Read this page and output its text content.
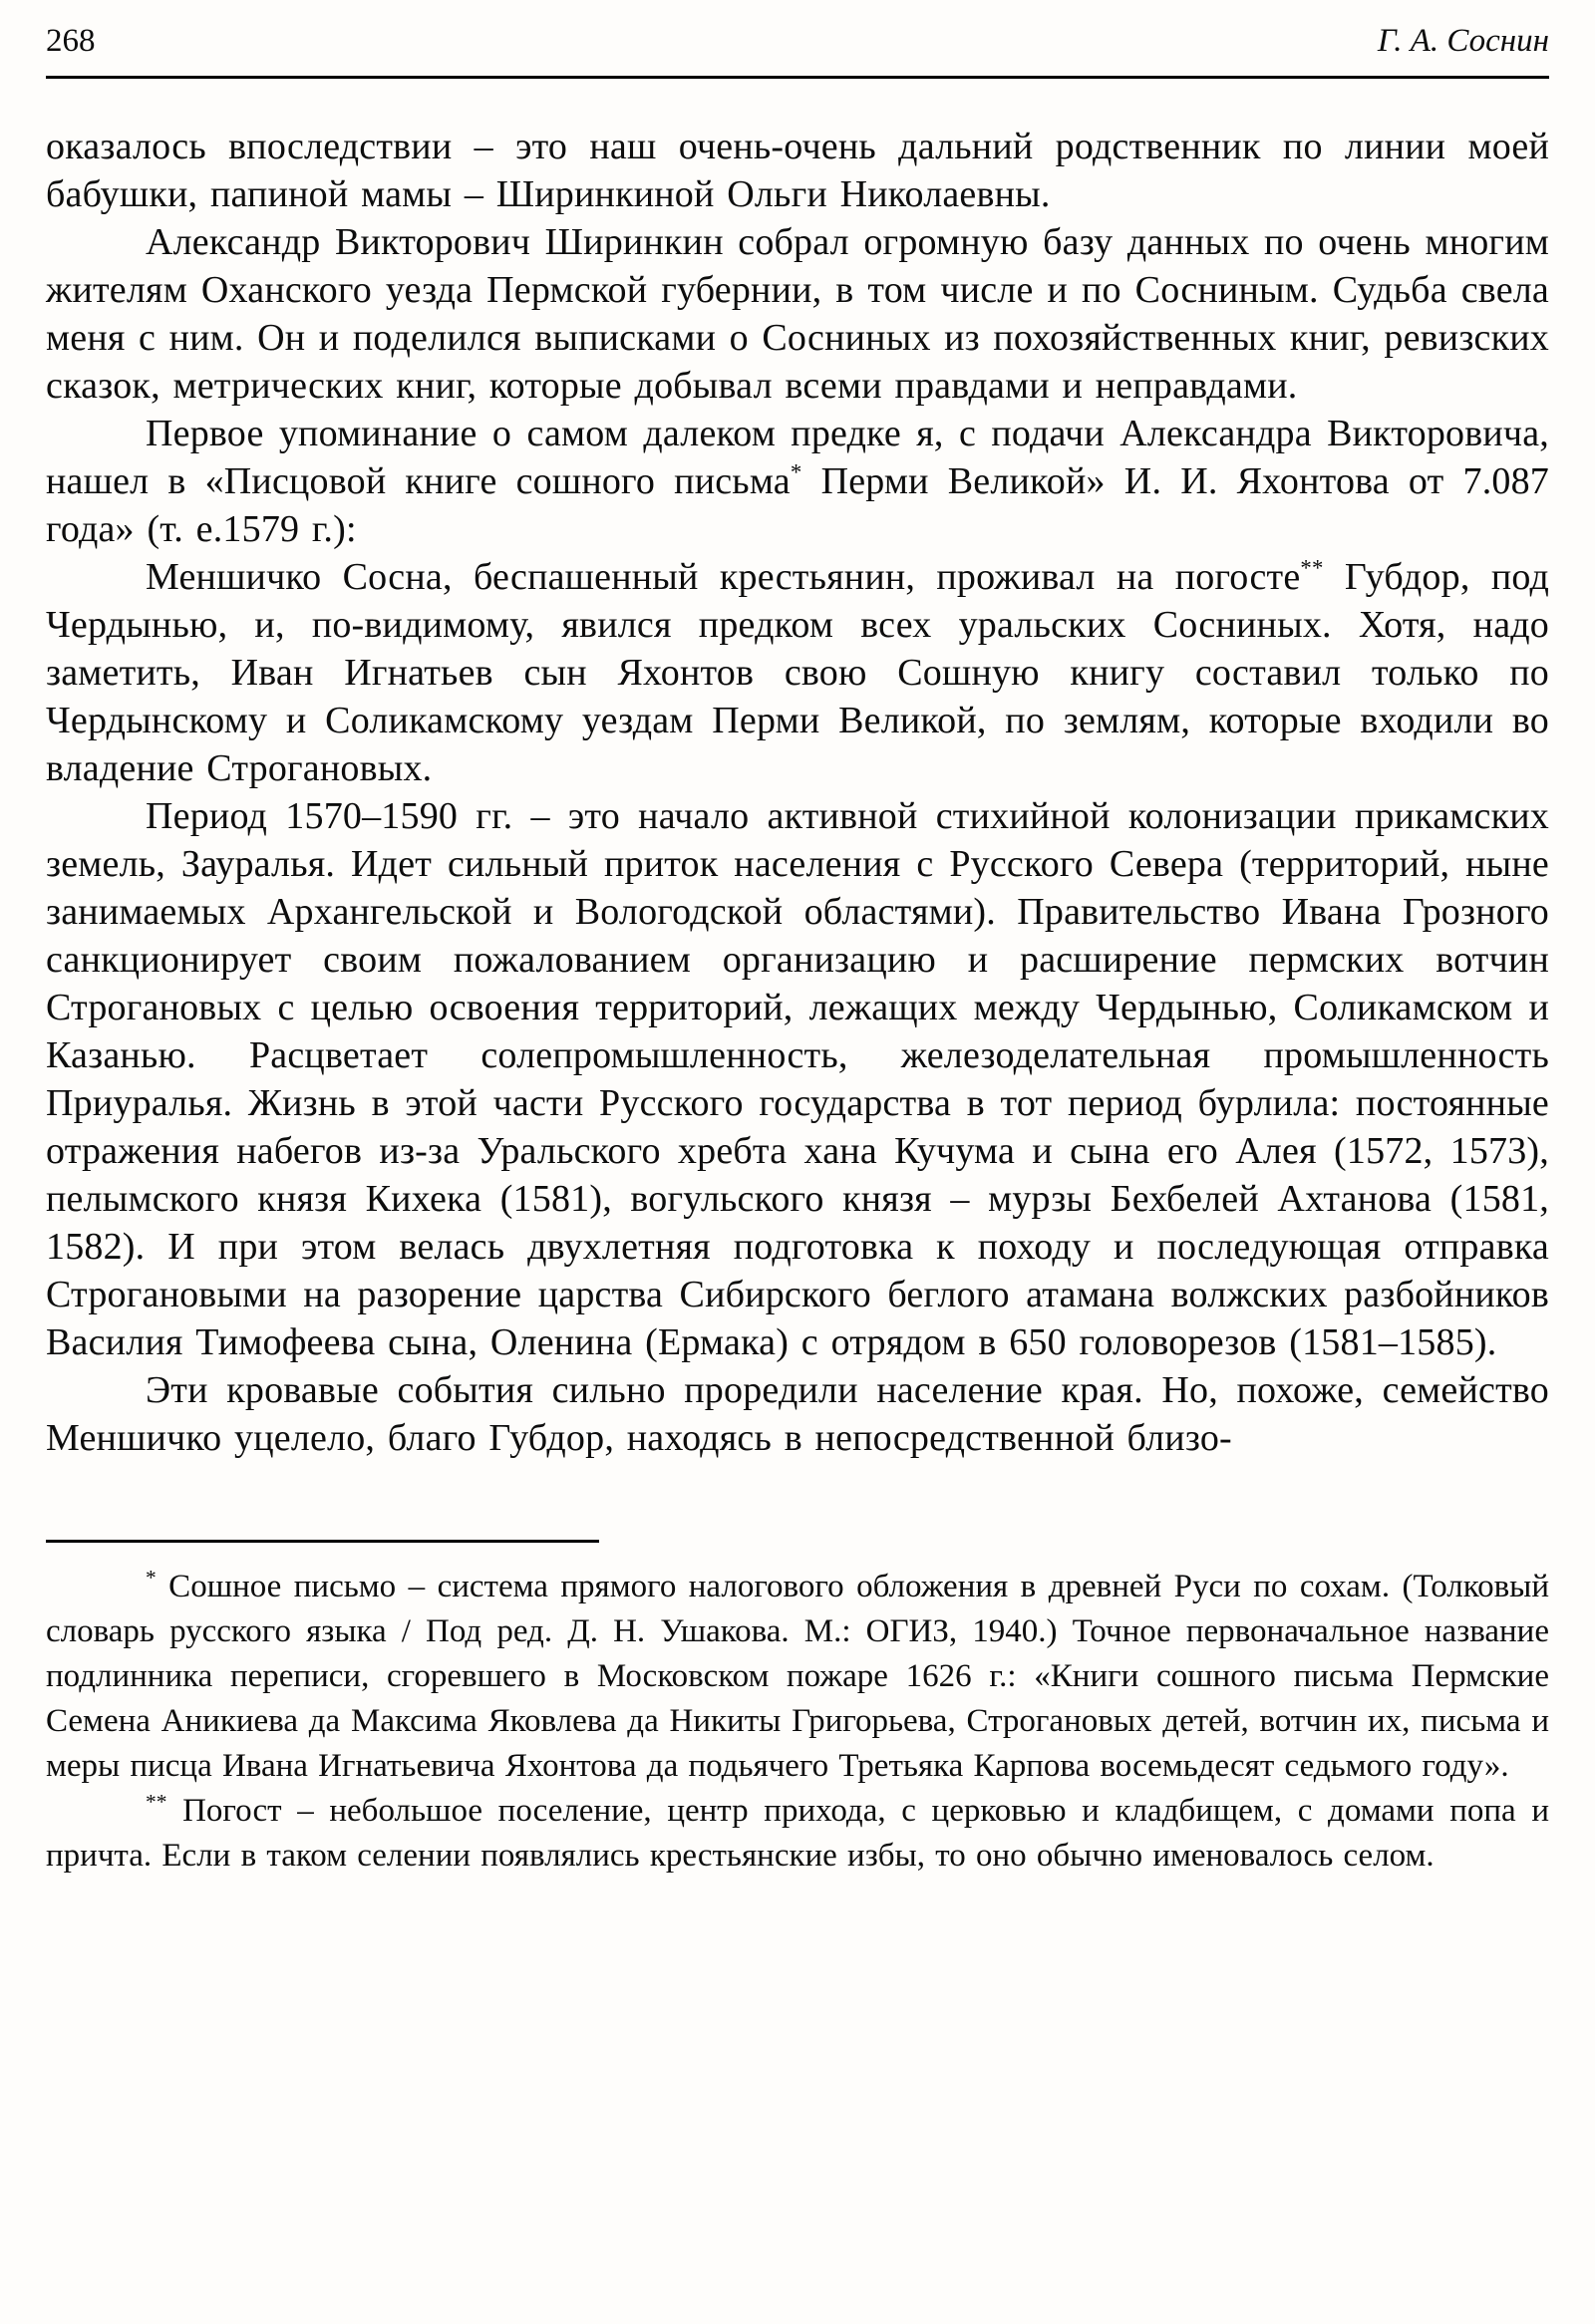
268	Г. А. Соснин

оказалось впоследствии – это наш очень-очень дальний родственник по линии моей бабушки, папиной мамы – Ширинкиной Ольги Николаевны.

Александр Викторович Ширинкин собрал огромную базу данных по очень многим жителям Оханского уезда Пермской губернии, в том числе и по Сосниным. Судьба свела меня с ним. Он и поделился выписками о Сосниных из похозяйственных книг, ревизских сказок, метрических книг, которые добывал всеми правдами и неправдами.

Первое упоминание о самом далеком предке я, с подачи Александра Викторовича, нашел в «Писцовой книге сошного письма* Перми Великой» И. И. Яхонтова от 7.087 года» (т. е.1579 г.):

Меншичко Сосна, беспашенный крестьянин, проживал на погосте** Губдор, под Чердынью, и, по-видимому, явился предком всех уральских Сосниных. Хотя, надо заметить, Иван Игнатьев сын Яхонтов свою Сошную книгу составил только по Чердынскому и Соликамскому уездам Перми Великой, по землям, которые входили во владение Строгановых.

Период 1570–1590 гг. – это начало активной стихийной колонизации прикамских земель, Зауралья. Идет сильный приток населения с Русского Севера (территорий, ныне занимаемых Архангельской и Вологодской областями). Правительство Ивана Грозного санкционирует своим пожалованием организацию и расширение пермских вотчин Строгановых с целью освоения территорий, лежащих между Чердынью, Соликамском и Казанью. Расцветает солепромышленность, железоделательная промышленность Приуралья. Жизнь в этой части Русского государства в тот период бурлила: постоянные отражения набегов из-за Уральского хребта хана Кучума и сына его Алея (1572, 1573), пелымского князя Кихека (1581), вогульского князя – мурзы Бехбелей Ахтанова (1581, 1582). И при этом велась двухлетняя подготовка к походу и последующая отправка Строгановыми на разорение царства Сибирского беглого атамана волжских разбойников Василия Тимофеева сына, Оленина (Ермака) с отрядом в 650 головорезов (1581–1585).

Эти кровавые события сильно проредили население края. Но, похоже, семейство Меншичко уцелело, благо Губдор, находясь в непосредственной близо-

* Сошное письмо – система прямого налогового обложения в древней Руси по сохам. (Толковый словарь русского языка / Под ред. Д. Н. Ушакова. М.: ОГИЗ, 1940.) Точное первоначальное название подлинника переписи, сгоревшего в Московском пожаре 1626 г.: «Книги сошного письма Пермские Семена Аникиева да Максима Яковлева да Никиты Григорьева, Строгановых детей, вотчин их, письма и меры писца Ивана Игнатьевича Яхонтова да подьячего Третьяка Карпова восемьдесят седьмого году».

** Погост – небольшое поселение, центр прихода, с церковью и кладбищем, с домами попа и причта. Если в таком селении появлялись крестьянские избы, то оно обычно именовалось селом.
